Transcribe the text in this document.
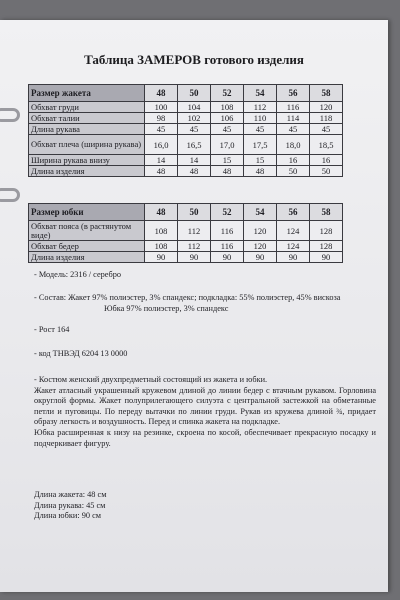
Таблица ЗАМЕРОВ готового изделия
Размер жакета	48	50	52	54	56	58
Обхват груди	100	104	108	112	116	120
Обхват талии	98	102	106	110	114	118
Длина рукава	45	45	45	45	45	45
Обхват плеча (ширина рукава)	16,0	16,5	17,0	17,5	18,0	18,5
Ширина рукава внизу	14	14	15	15	16	16
Длина изделия	48	48	48	48	50	50
Размер юбки	48	50	52	54	56	58
Обхват пояса (в растянутом виде)	108	112	116	120	124	128
Обхват бедер	108	112	116	120	124	128
Длина изделия	90	90	90	90	90	90
- Модель: 2316 / серебро
- Состав: Жакет 97% полиэстер, 3% спандекс; подкладка: 55% полиэстер, 45% вискоза
Юбка 97% полиэстер, 3% спандекс
- Рост 164
- код ТНВЭД 6204 13 0000

- Костюм женский двухпредметный состоящий из жакета и юбки.

Жакет атласный украшенный кружевом длиной до линии бедер с втачным рукавом. Горловина округлой формы. Жакет полуприлегающего силуэта с центральной застежкой на обметанные петли и пуговицы. По переду вытачки по линии груди. Рукав из кружева длиной ¾, придает образу легкость и воздушность. Перед и спинка жакета на подкладке.

Юбка расширенная к низу на резинке, скроена по косой, обеспечивает прекрасную посадку и подчеркивает фигуру.

Длина жакета: 48 см
Длина рукава: 45 см
Длина юбки: 90 см
